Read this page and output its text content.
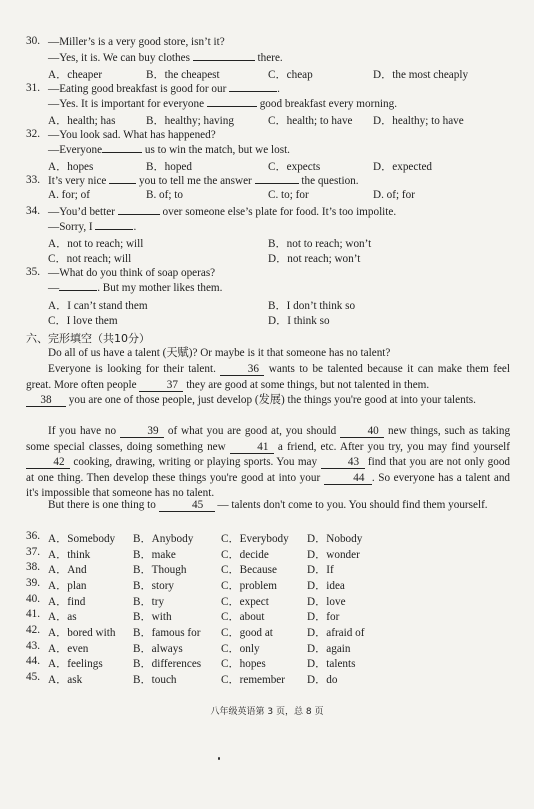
30. —Miller’s is a very good store, isn’t it?
—Yes, it is. We can buy clothes	there.
A．cheaper	B．the cheapest	C．cheap	D．the most cheaply
31. —Eating good breakfast is good for our	.
—Yes. It is important for everyone	good breakfast every morning.
A．health; has	B．healthy; having	C．health; to have D．healthy; to have
32. —You look sad. What has happened?
—Everyone	us to win the match, but we lost.
A．hopes	B．hoped	C．expects	D．expected
33. It’s very nice	you to tell me the answer	the question.
A. for; of	B. of; to	C. to; for	D. of; for
34. —You’d better	over someone else’s plate for food. It’s too impolite.
—Sorry, I	.
A．not to reach; will	B．not to reach; won’t
C．not reach; will	D．not reach; won’t
35. —What do you think of soap operas?
—	. But my mother likes them.
A．I can’t stand them	B．I don’t think so
C．I love them	D．I think so
六、完形填空（共10分）
Do all of us have a talent (天赋)? Or maybe is it that someone has no talent?
Everyone is looking for their talent.	36 wants to be talented because it can make them feel great. More often people	37 they are good at some things, but not talented in them.
38 you are one of those people, just develop (发展) the things you're good at into your talents.
If you have no	39 of what you are good at, you should	40 new things, such as taking some special classes, doing something new	41 a friend, etc. After you try, you may find yourself 42 cooking, drawing, writing or playing sports. You may	43 find that you are not only good at one thing. Then develop these things you're good at into your	44 . So everyone has a talent and it's impossible that someone has no talent.
But there is one thing to	45 — talents don't come to you. You should find them yourself.
36. A．Somebody B．Anybody C．Everybody D．Nobody
37. A．think	B．make	C．decide	D．wonder
38. A．And	B．Though	C．Because	D．If
39. A．plan	B．story	C．problem	D．idea
40. A．find	B．try	C．expect	D．love
41. A．as	B．with	C．about	D．for
42. A．bored with B．famous for C．good at	D．afraid of
43. A．even	B．always	C．only	D．again
44. A．feelings	B．differences C．hopes	D．talents
45. A．ask	B．touch	C．remember D．do
八年级英语第 3 页，总 8 页
